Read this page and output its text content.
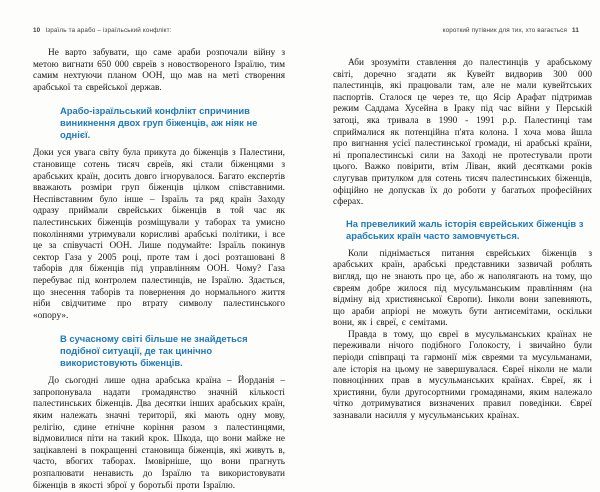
10 Ізраїль та арабо – ізраїльський конфлікт:

Не варто забувати, що саме араби розпочали війну з метою вигнати 650 000 євреїв з новоствореного Ізраїлю, тим самим нехтуючи планом ООН, що мав на меті створення арабської та єврейської держав.

Арабо-ізраїльський конфлікт спричинив виникнення двох груп біженців, аж ніяк не однієї.

Доки уся увага світу була прикута до біженців з Палестини, становище сотень тисяч євреїв, які стали біженцями з арабських країн, досить довго ігнорувалося. Багато експертів вважають розміри груп біженців цілком співставними. Неспівставним було інше – Ізраїль та ряд країн Заходу одразу приймали єврейських біженців в той час як палестинських біженців розміщували у таборах та умисно поколіннями утримували корисливі арабські політики, і все це за співучасті ООН. Лише подумайте: Ізраїль покинув сектор Газа у 2005 році, проте там і досі розташовані 8 таборів для біженців під управлінням ООН. Чому? Газа перебуває під контролем палестинців, не Ізраїлю. Здається, що знесення таборів та повернення до нормального життя ніби свідчитиме про втрату символу палестинського «опору».

В сучасному світі більше не знайдеться подібної ситуації, де так цинічно використовують біженців.

До сьогодні лише одна арабська країна – Йорданія – запропонувала надати громадянство значній кількості палестинських біженців. Два десятки інших арабських країн, яким належать значні території, які мають одну мову, релігію, єдине етнічне коріння разом з палестинцями, відмовилися піти на такий крок. Шкода, що вони майже не зацікавлені в покращенні становища біженців, які живуть в, часто, вбогих таборах. Імовірніше, що вони прагнуть розпалювати ненависть до Ізраїлю та використовувати біженців в якості зброї у боротьбі проти Ізраїлю.

короткий путівник для тих, хто вагається 11

Аби зрозуміти ставлення до палестинців у арабському світі, доречно згадати як Кувейт видворив 300 000 палестинців, які працювали там, але не мали кувейтських паспортів. Сталося це через те, що Ясір Арафат підтримав режим Саддама Хусейна в Іраку під час війни у Перській затоці, яка тривала в 1990 - 1991 р.р. Палестинці там сприймалися як потенційна п'ята колона. І хоча мова йшла про вигнання усієї палестинської громади, ні арабські країни, ні пропалестинські сили на Заході не протестували проти цього. Важко повірити, втім Ліван, який десятками років слугував притулком для сотень тисяч палестинських біженців, офіційно не допускав їх до роботи у багатьох професійних сферах.

На превеликий жаль історія єврейських біженців з арабських країн часто замовчується.

Коли піднімається питання єврейських біженців з арабських країн, арабські представники зазвичай роблять вигляд, що не знають про це, або ж наполягають на тому, що євреям добре жилося під мусульманським правлінням (на відміну від християнської Європи). Інколи вони запевняють, що араби апріорі не можуть бути антисемітами, оскільки вони, як і євреї, є семітами.

Правда в тому, що євреї в мусульманських країнах не переживали нічого подібного Голокосту, і звичайно були періоди співпраці та гармонії між євреями та мусульманами, але історія на цьому не завершувалася. Євреї ніколи не мали повноцінних прав в мусульманських країнах. Євреї, як і християни, були другосортними громадянами, яким належало чітко дотримуватися визначених правил поведінки. Євреї зазнавали насилля у мусульманських країнах.
